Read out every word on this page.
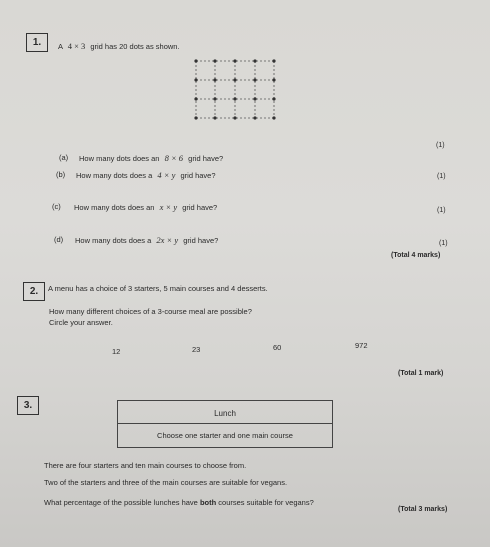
1.	A 4 × 3 grid has 20 dots as shown.
(a) How many dots does an 8 × 6 grid have?
(1)
(b) How many dots does a 4 × y grid have?	(1)
(c) How many dots does an x × y grid have?	(1)
(d) How many dots does a 2x × y grid have?	(1)
(Total 4 marks)
2.	A menu has a choice of 3 starters, 5 main courses and 4 desserts.
How many different choices of a 3-course meal are possible?
Circle your answer.
12	23	60	972
(Total 1 mark)
3.
Lunch
Choose one starter and one main course
There are four starters and ten main courses to choose from.
Two of the starters and three of the main courses are suitable for vegans.
What percentage of the possible lunches have both courses suitable for vegans?
(Total 3 marks)
